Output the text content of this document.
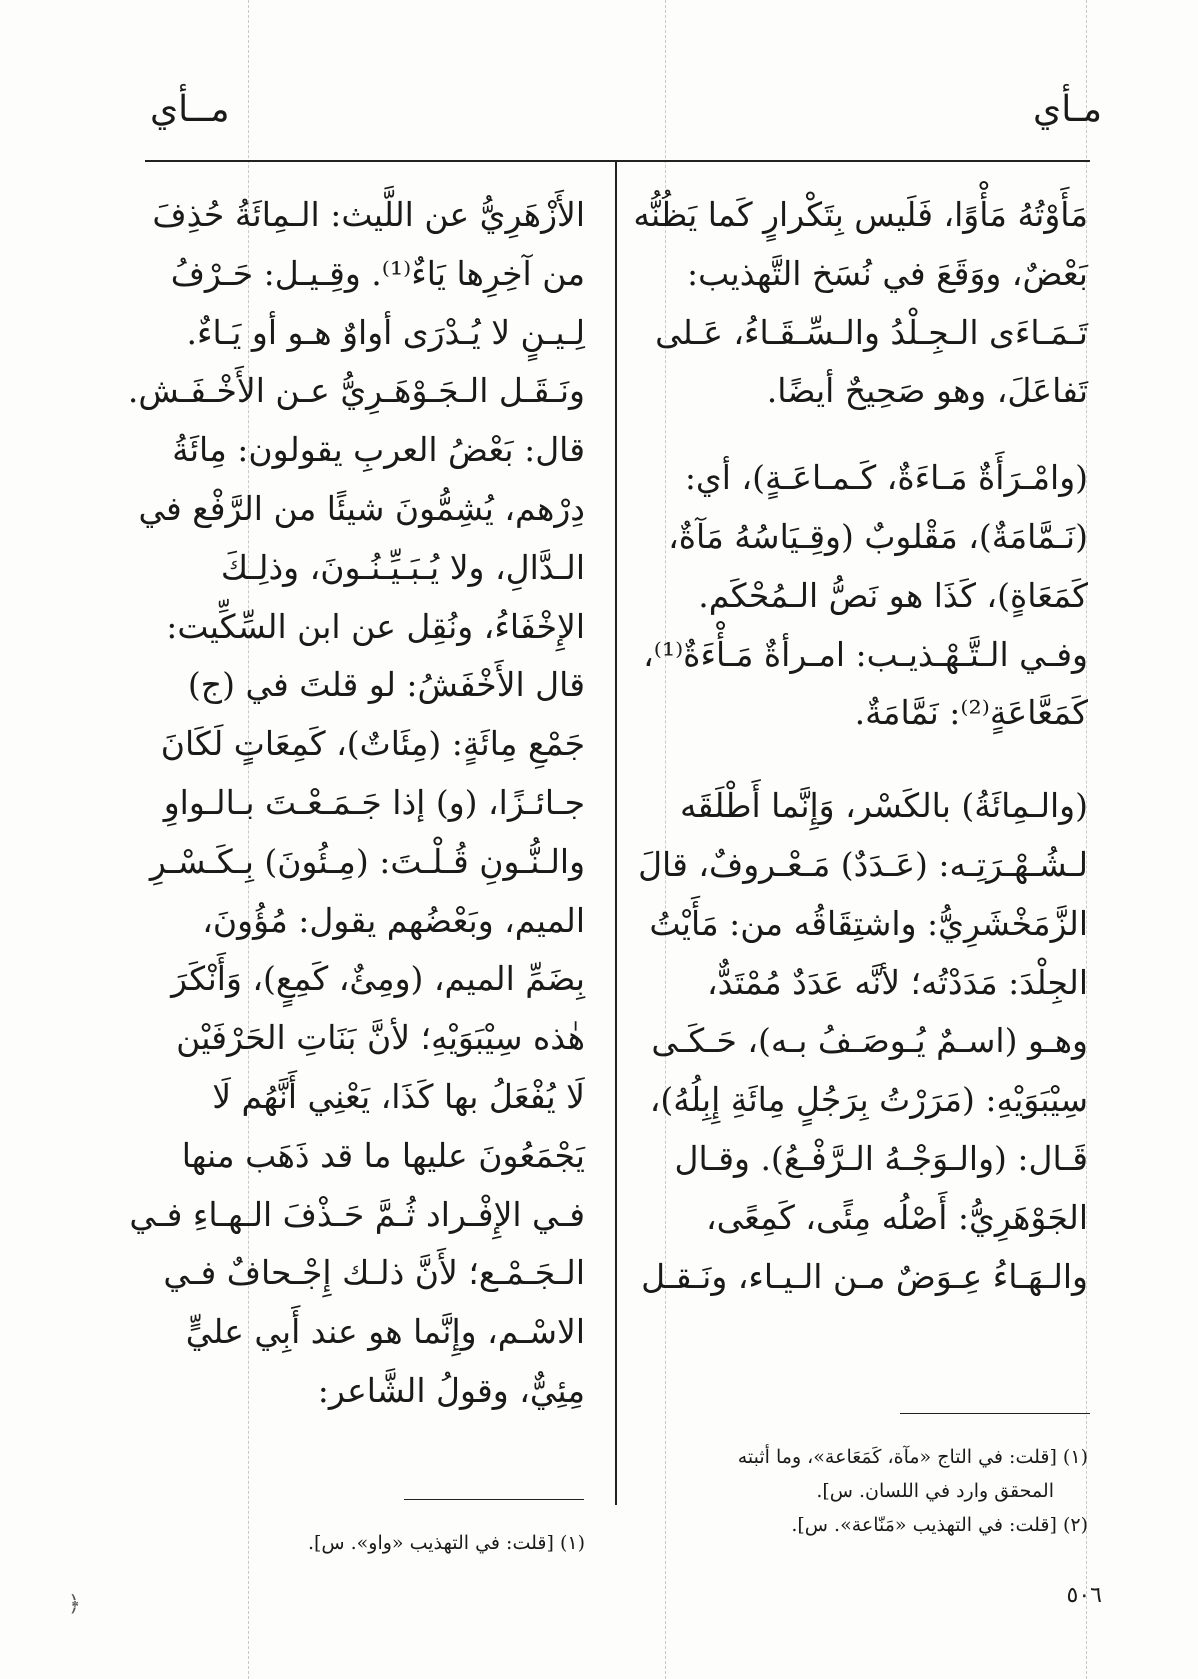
مـأي
مــأي

مَأَوْتُهُ مَأْوًا، فَلَيس بِتَكْرارٍ كَما يَظُنُّه
بَعْضٌ، ووَقَعَ في نُسَخ التَّهذيب:
تَـمَـاءَى الـجِـلْدُ والـسِّـقَـاءُ، عَـلى
تَفاعَلَ، وهو صَحِيحٌ أيضًا.

(وامْـرَأَةٌ مَـاءَةٌ، كَـمـاعَـةٍ)، أي:
(نَـمَّامَةٌ)، مَقْلوبٌ (وقِـيَاسُهُ مَآةٌ،
كَمَعَاةٍ)، كَذَا هو نَصُّ الـمُحْكَم.
وفـي الـتَّـهْـذيـب: امـرأةٌ مَـأْءَةٌ⁽¹⁾،
كَمَعَّاعَةٍ⁽²⁾: نَمَّامَةٌ.

(والـمِائَةُ) بالكَسْر، وَإِنَّما أَطْلَقَه
لـشُـهْـرَتِـه: (عَـدَدٌ) مَـعْـروفٌ، قالَ
الزَّمَخْشَرِيُّ: واشتِقَاقُه من: مَأَيْتُ
الجِلْدَ: مَدَدْتُه؛ لأنَّه عَدَدٌ مُمْتَدٌّ،
وهـو (اسـمٌ يُـوصَـفُ بـه)، حَـكَـى
سِيْبَوَيْهِ: (مَرَرْتُ بِرَجُلٍ مِائَةِ إِبِلُهُ)،
قَـال: (والـوَجْـهُ الـرَّفْـعُ). وقـال
الجَوْهَرِيُّ: أَصْلُه مِئًى، كَمِعًى،
والـهَـاءُ عِـوَضٌ مـن الـيـاء، ونَـقـل

الأَزْهَرِيُّ عن اللَّيث: الـمِائَةُ حُذِفَ
من آخِرِها يَاءٌ⁽¹⁾. وقِـيـل: حَـرْفُ
لِـيـنٍ لا يُـدْرَى أواوٌ هـو أو يَـاءٌ.
ونَـقَـل الـجَـوْهَـرِيُّ عـن الأَخْـفَـش.
قال: بَعْضُ العربِ يقولون: مِائَةُ
دِرْهم، يُشِمُّونَ شيئًا من الرَّفْع في
الـدَّالِ، ولا يُـبَـيِّـنُـونَ، وذلِـكَ
الإِخْفَاءُ، ونُقِل عن ابن السِّكِّيت:
قال الأَخْفَشُ: لو قلتَ في (ج)
جَمْعِ مِائَةٍ: (مِئَاتٌ)، كَمِعَاتٍ لَكَانَ
جـائـزًا، (و) إذا جَـمَـعْـتَ بـالـواوِ
والـنُّـونِ قُـلْـتَ: (مِـئُونَ) بِـكَـسْـرِ
الميم، وبَعْضُهم يقول: مُؤُونَ،
بِضَمِّ الميم، (ومِئٌ، كَمِعٍ)، وَأَنْكَرَ
هٰذه سِيْبَوَيْهِ؛ لأنَّ بَنَاتِ الحَرْفَيْن
لَا يُفْعَلُ بها كَذَا، يَعْنِي أَنَّهُم لَا
يَجْمَعُونَ عليها ما قد ذَهَب منها
فـي الإِفْـراد ثُـمَّ حَـذْفَ الـهـاءِ فـي
الـجَـمْـع؛ لأَنَّ ذلـك إِجْـحافٌ فـي
الاسْـم، وإِنَّما هو عند أَبِي عليٍّ
مِئِيٌّ، وقولُ الشَّاعر:

(١) [قلت: في التاج «مآة، كَمَعَاعة»، وما أثبته
المحقق وارد في اللسان. س].
(٢) [قلت: في التهذيب «مَنّاعة». س].
(١) [قلت: في التهذيب «واو». س].
٥٠٦
﴿
